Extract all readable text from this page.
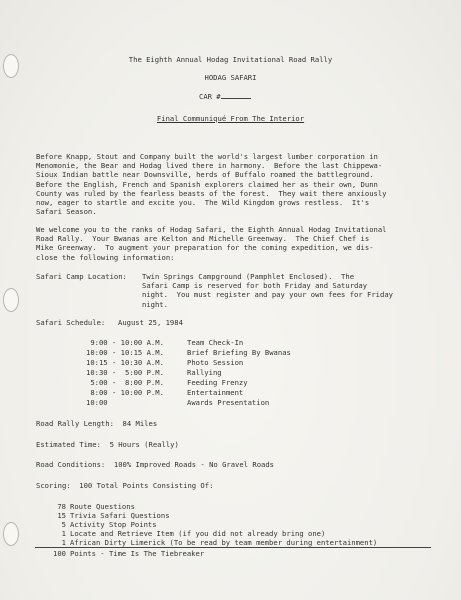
The Eighth Annual Hodag Invitational Road Rally
HODAG SAFARI
CAR #
Final Communiqué From The Interior
Before Knapp, Stout and Company built the world's largest lumber corporation in
Menomonie, the Bear and Hodag lived there in harmony.  Before the last Chippewa-
Sioux Indian battle near Downsville, herds of Buffalo roamed the battleground.
Before the English, French and Spanish explorers claimed her as their own, Dunn
County was ruled by the fearless beasts of the forest.  They wait there anxiously
now, eager to startle and excite you.  The Wild Kingdom grows restless.  It's
Safari Season.
We welcome you to the ranks of Hodag Safari, the Eighth Annual Hodag Invitational
Road Rally.  Your Bwanas are Kelton and Michelle Greenway.  The Chief Chef is
Mike Greenway.  To augment your preparation for the coming expedition, we dis-
close the following information:
Safari Camp Location: Twin Springs Campground (Pamphlet Enclosed).  The
Safari Camp is reserved for both Friday and Saturday
night.  You must register and pay your own fees for Friday
night.
Safari Schedule: August 25, 1984
9:00 - 10:00 A.M.	Team Check-In
10:00 - 10:15 A.M.	Brief Briefing By Bwanas
10:15 - 10:30 A.M.	Photo Session
10:30 -  5:00 P.M.	Rallying
5:00 -  8:00 P.M.	Feeding Frenzy
8:00 - 10:00 P.M.	Entertainment
10:00	Awards Presentation
Road Rally Length:  84 Miles
Estimated Time:  5 Hours (Really)
Road Conditions:  100% Improved Roads - No Gravel Roads
Scoring:  100 Total Points Consisting Of:
78 Route Questions
15 Trivia Safari Questions
5 Activity Stop Points
1 Locate and Retrieve Item (if you did not already bring one)
1 African Dirty Limerick (To be read by team member during entertainment)
100 Points - Time Is The Tiebreaker
